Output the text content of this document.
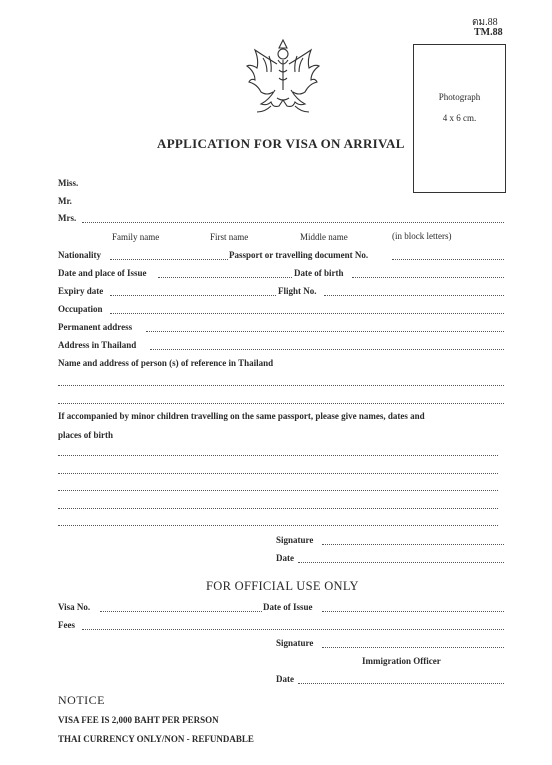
ตม.88
TM.88
Photograph
4 x 6 cm.
APPLICATION FOR VISA ON ARRIVAL
Miss.
Mr.
Mrs.
Family name	First name	Middle name	(in block letters)
Nationality	Passport or travelling document No.
Date and place of Issue	Date of birth
Expiry date	Flight No.
Occupation
Permanent address
Address in Thailand
Name and address of person (s) of reference in Thailand
If accompanied by minor children travelling on the same passport, please give names, dates and
places of birth
Signature
Date
FOR OFFICIAL USE ONLY
Visa No.	Date of Issue
Fees
Signature
Immigration Officer
Date
NOTICE
VISA FEE IS 2,000 BAHT PER PERSON
THAI CURRENCY ONLY/NON - REFUNDABLE
